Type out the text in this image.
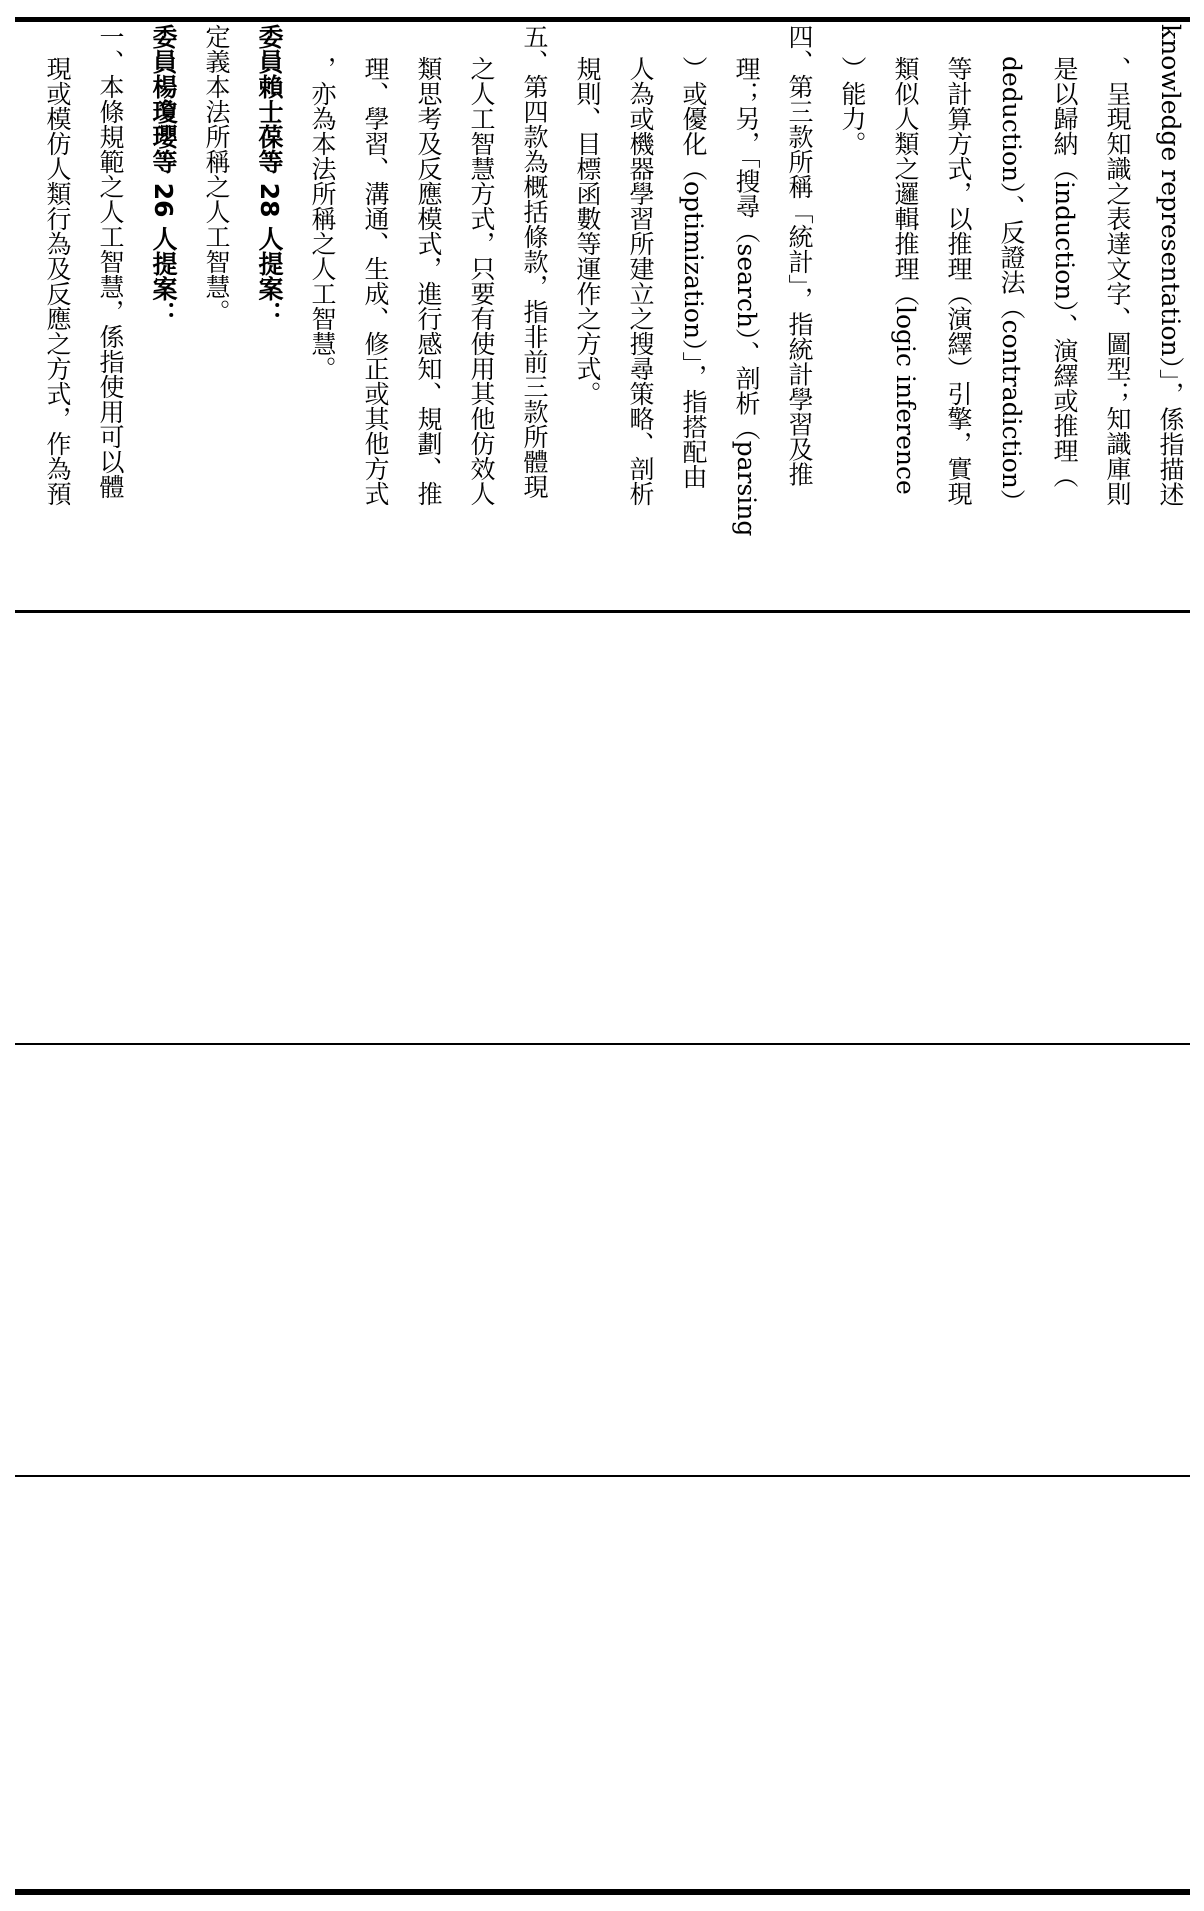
knowledge representation）」，係指描述
、呈現知識之表達文字、圖型；知識庫則
是以歸納（induction）、演繹或推理（
deduction）、反證法（contradiction）
等計算方式，以推理（演繹）引擎，實現
類似人類之邏輯推理（logic inference
）能力。
四、第三款所稱「統計」，指統計學習及推
理；另，「搜尋（search）、剖析（parsing
）或優化（optimization）」，指搭配由
人為或機器學習所建立之搜尋策略、剖析
規則、目標函數等運作之方式。
五、第四款為概括條款，指非前三款所體現
之人工智慧方式，只要有使用其他仿效人
類思考及反應模式，進行感知、規劃、推
理、學習、溝通、生成、修正或其他方式
，亦為本法所稱之人工智慧。
委員賴士葆等 28 人提案：
定義本法所稱之人工智慧。
委員楊瓊瓔等 26 人提案：
一、本條規範之人工智慧，係指使用可以體
現或模仿人類行為及反應之方式，作為預
